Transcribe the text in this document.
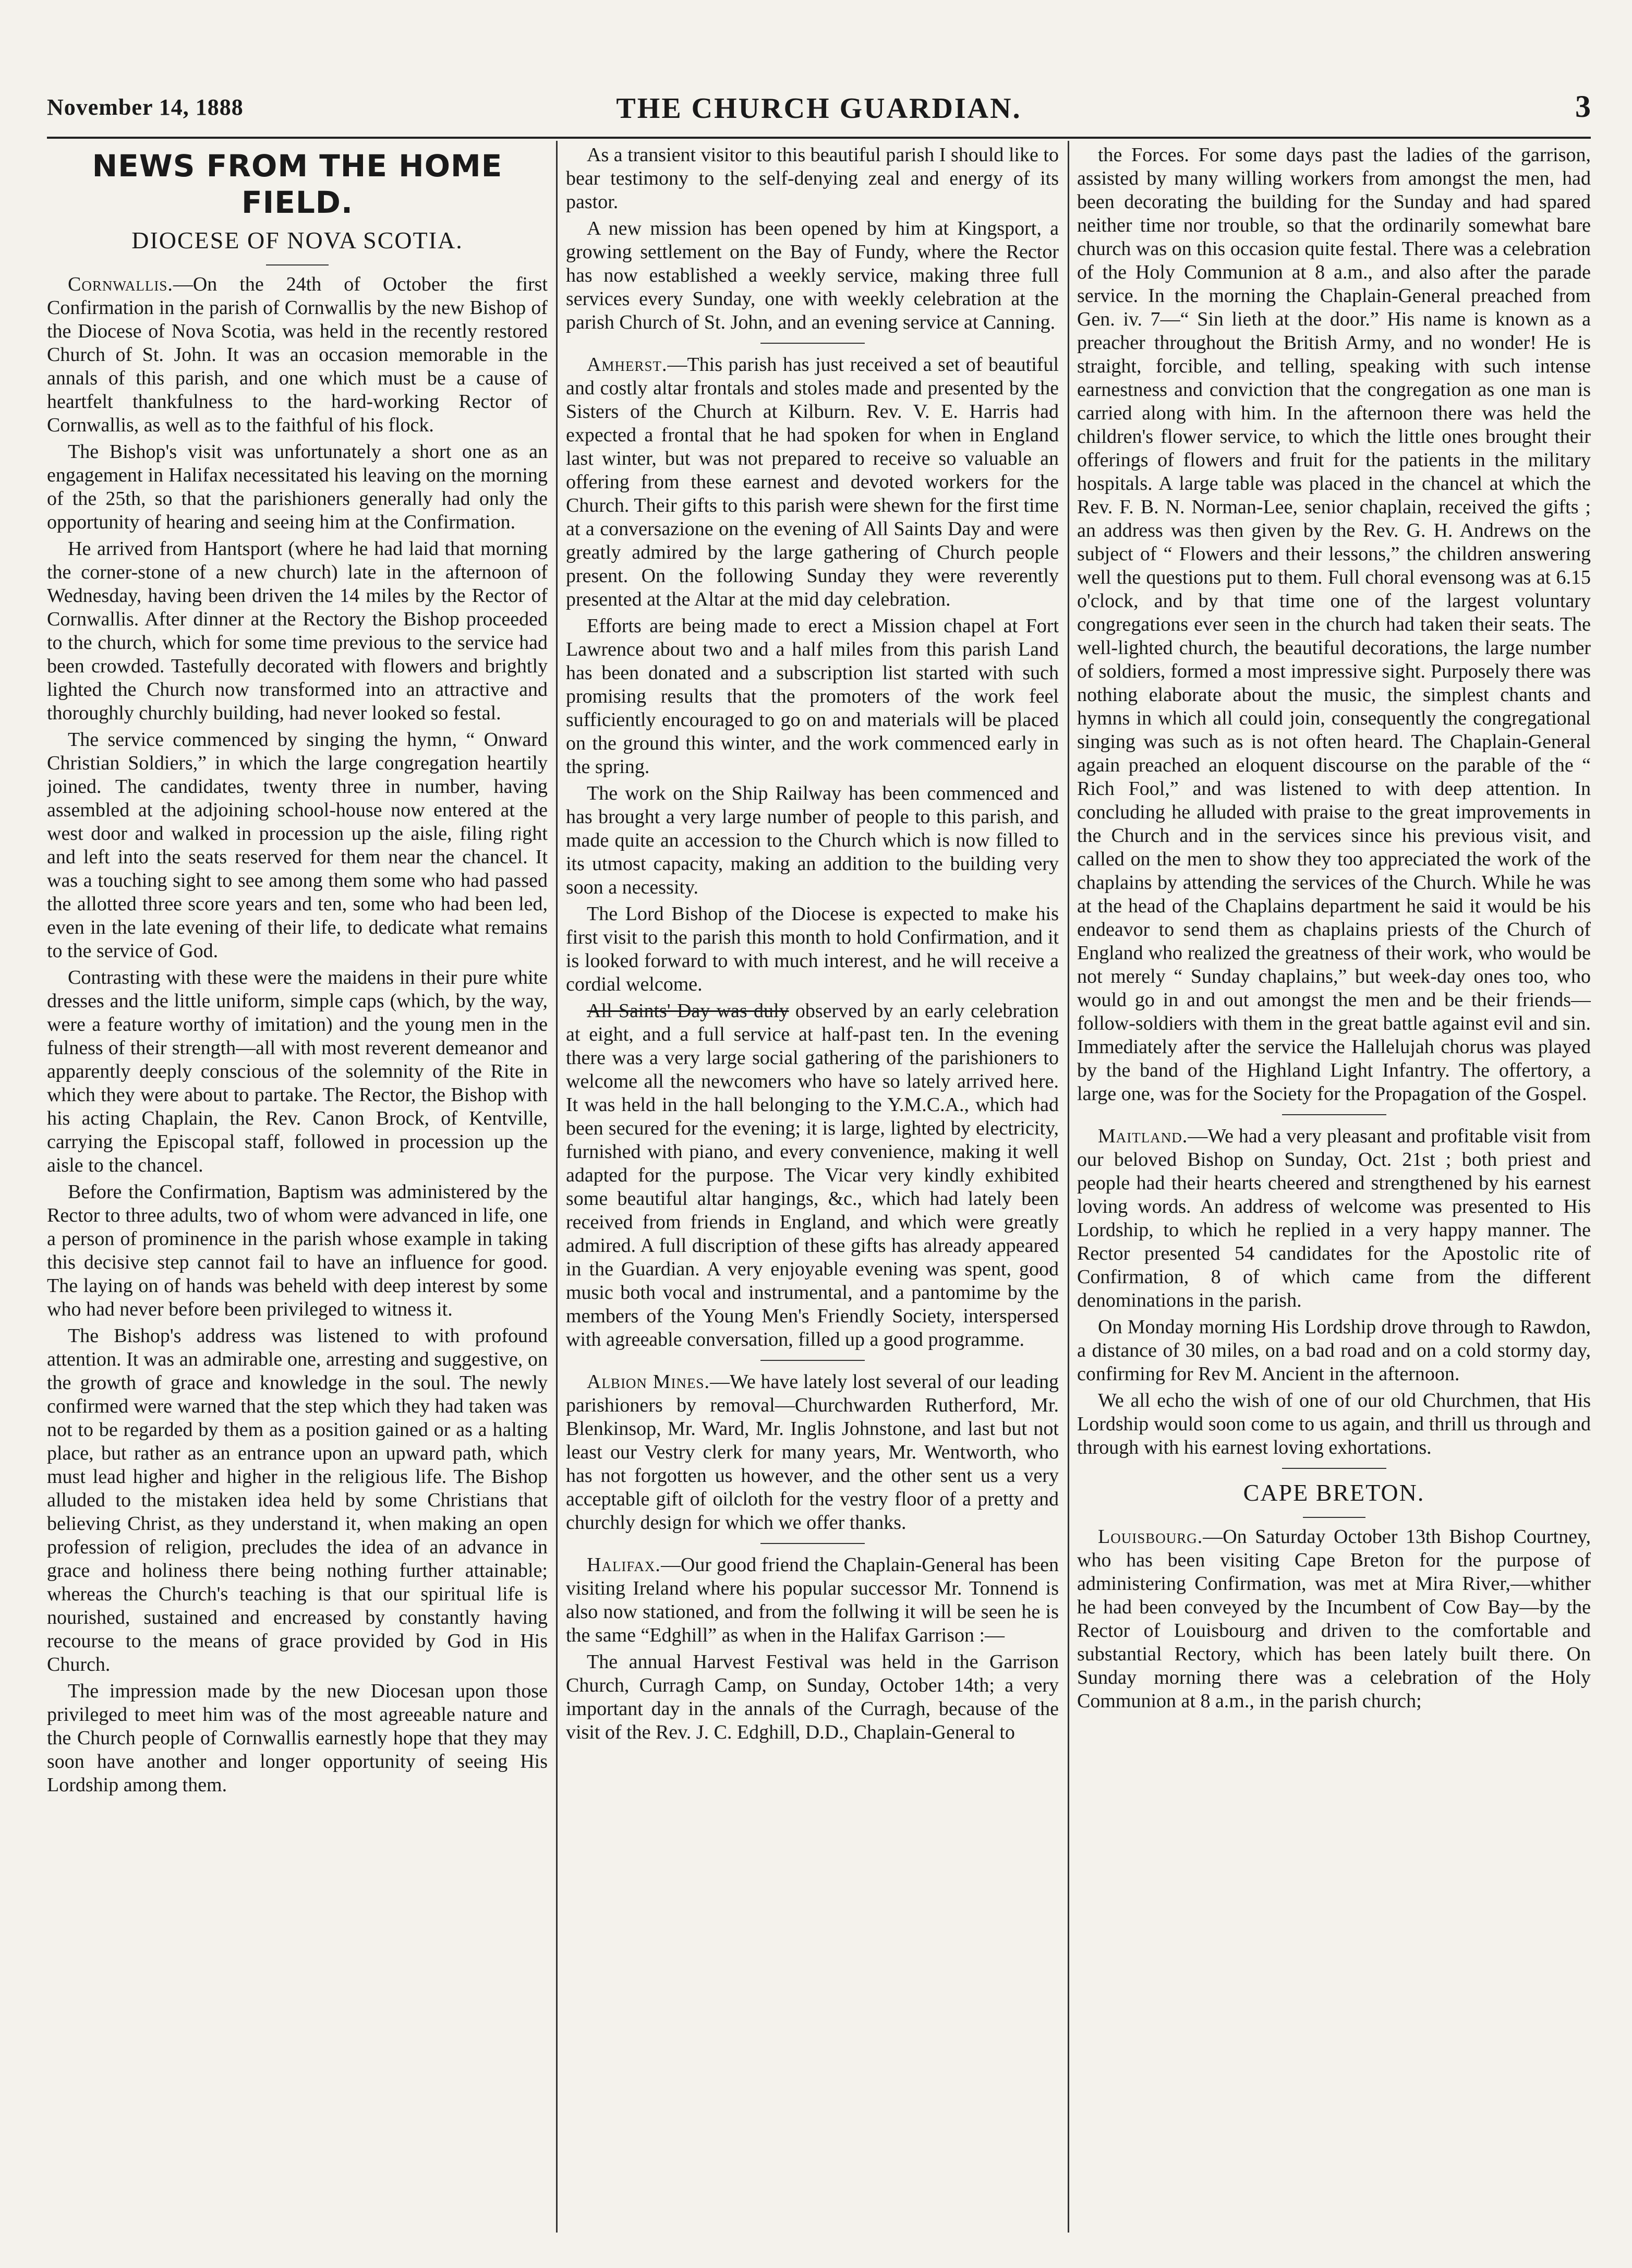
November 14, 1888	THE CHURCH GUARDIAN.	3
NEWS FROM THE HOME FIELD.
DIOCESE OF NOVA SCOTIA.

Cornwallis.—On the 24th of October the first Confirmation in the parish of Cornwallis by the new Bishop of the Diocese of Nova Scotia, was held in the recently restored Church of St. John. It was an occasion memorable in the annals of this parish, and one which must be a cause of heartfelt thankfulness to the hard-working Rector of Cornwallis, as well as to the faithful of his flock.

The Bishop's visit was unfortunately a short one as an engagement in Halifax necessitated his leaving on the morning of the 25th, so that the parishioners generally had only the opportunity of hearing and seeing him at the Confirmation.

He arrived from Hantsport (where he had laid that morning the corner-stone of a new church) late in the afternoon of Wednesday, having been driven the 14 miles by the Rector of Cornwallis. After dinner at the Rectory the Bishop proceeded to the church, which for some time previous to the service had been crowded. Tastefully decorated with flowers and brightly lighted the Church now transformed into an attractive and thoroughly churchly building, had never looked so festal.

The service commenced by singing the hymn, “ Onward Christian Soldiers,” in which the large congregation heartily joined. The candidates, twenty three in number, having assembled at the adjoining school-house now entered at the west door and walked in procession up the aisle, filing right and left into the seats reserved for them near the chancel. It was a touching sight to see among them some who had passed the allotted three score years and ten, some who had been led, even in the late evening of their life, to dedicate what remains to the service of God.

Contrasting with these were the maidens in their pure white dresses and the little uniform, simple caps (which, by the way, were a feature worthy of imitation) and the young men in the fulness of their strength—all with most reverent demeanor and apparently deeply conscious of the solemnity of the Rite in which they were about to partake. The Rector, the Bishop with his acting Chaplain, the Rev. Canon Brock, of Kentville, carrying the Episcopal staff, followed in procession up the aisle to the chancel.

Before the Confirmation, Baptism was administered by the Rector to three adults, two of whom were advanced in life, one a person of prominence in the parish whose example in taking this decisive step cannot fail to have an influence for good. The laying on of hands was beheld with deep interest by some who had never before been privileged to witness it.

The Bishop's address was listened to with profound attention. It was an admirable one, arresting and suggestive, on the growth of grace and knowledge in the soul. The newly confirmed were warned that the step which they had taken was not to be regarded by them as a position gained or as a halting place, but rather as an entrance upon an upward path, which must lead higher and higher in the religious life. The Bishop alluded to the mistaken idea held by some Christians that believing Christ, as they understand it, when making an open profession of religion, precludes the idea of an advance in grace and holiness there being nothing further attainable; whereas the Church's teaching is that our spiritual life is nourished, sustained and encreased by constantly having recourse to the means of grace provided by God in His Church.

The impression made by the new Diocesan upon those privileged to meet him was of the most agreeable nature and the Church people of Cornwallis earnestly hope that they may soon have another and longer opportunity of seeing His Lordship among them.

As a transient visitor to this beautiful parish I should like to bear testimony to the self-denying zeal and energy of its pastor.

A new mission has been opened by him at Kingsport, a growing settlement on the Bay of Fundy, where the Rector has now established a weekly service, making three full services every Sunday, one with weekly celebration at the parish Church of St. John, and an evening service at Canning.

Amherst.—This parish has just received a set of beautiful and costly altar frontals and stoles made and presented by the Sisters of the Church at Kilburn. Rev. V. E. Harris had expected a frontal that he had spoken for when in England last winter, but was not prepared to receive so valuable an offering from these earnest and devoted workers for the Church. Their gifts to this parish were shewn for the first time at a conversazione on the evening of All Saints Day and were greatly admired by the large gathering of Church people present. On the following Sunday they were reverently presented at the Altar at the mid day celebration.

Efforts are being made to erect a Mission chapel at Fort Lawrence about two and a half miles from this parish Land has been donated and a subscription list started with such promising results that the promoters of the work feel sufficiently encouraged to go on and materials will be placed on the ground this winter, and the work commenced early in the spring.

The work on the Ship Railway has been commenced and has brought a very large number of people to this parish, and made quite an accession to the Church which is now filled to its utmost capacity, making an addition to the building very soon a necessity.

The Lord Bishop of the Diocese is expected to make his first visit to the parish this month to hold Confirmation, and it is looked forward to with much interest, and he will receive a cordial welcome.

All Saints' Day was duly observed by an early celebration at eight, and a full service at half-past ten. In the evening there was a very large social gathering of the parishioners to welcome all the newcomers who have so lately arrived here. It was held in the hall belonging to the Y.M.C.A., which had been secured for the evening; it is large, lighted by electricity, furnished with piano, and every convenience, making it well adapted for the purpose. The Vicar very kindly exhibited some beautiful altar hangings, &c., which had lately been received from friends in England, and which were greatly admired. A full discription of these gifts has already appeared in the Guardian. A very enjoyable evening was spent, good music both vocal and instrumental, and a pantomime by the members of the Young Men's Friendly Society, interspersed with agreeable conversation, filled up a good programme.

Albion Mines.—We have lately lost several of our leading parishioners by removal—Churchwarden Rutherford, Mr. Blenkinsop, Mr. Ward, Mr. Inglis Johnstone, and last but not least our Vestry clerk for many years, Mr. Wentworth, who has not forgotten us however, and the other sent us a very acceptable gift of oilcloth for the vestry floor of a pretty and churchly design for which we offer thanks.

Halifax.—Our good friend the Chaplain-General has been visiting Ireland where his popular successor Mr. Tonnend is also now stationed, and from the follwing it will be seen he is the same “Edghill” as when in the Halifax Garrison :—

The annual Harvest Festival was held in the Garrison Church, Curragh Camp, on Sunday, October 14th; a very important day in the annals of the Curragh, because of the visit of the Rev. J. C. Edghill, D.D., Chaplain-General to

the Forces. For some days past the ladies of the garrison, assisted by many willing workers from amongst the men, had been decorating the building for the Sunday and had spared neither time nor trouble, so that the ordinarily somewhat bare church was on this occasion quite festal. There was a celebration of the Holy Communion at 8 a.m., and also after the parade service. In the morning the Chaplain-General preached from Gen. iv. 7—“ Sin lieth at the door.” His name is known as a preacher throughout the British Army, and no wonder! He is straight, forcible, and telling, speaking with such intense earnestness and conviction that the congregation as one man is carried along with him. In the afternoon there was held the children's flower service, to which the little ones brought their offerings of flowers and fruit for the patients in the military hospitals. A large table was placed in the chancel at which the Rev. F. B. N. Norman-Lee, senior chaplain, received the gifts ; an address was then given by the Rev. G. H. Andrews on the subject of “ Flowers and their lessons,” the children answering well the questions put to them. Full choral evensong was at 6.15 o'clock, and by that time one of the largest voluntary congregations ever seen in the church had taken their seats. The well-lighted church, the beautiful decorations, the large number of soldiers, formed a most impressive sight. Purposely there was nothing elaborate about the music, the simplest chants and hymns in which all could join, consequently the congregational singing was such as is not often heard. The Chaplain-General again preached an eloquent discourse on the parable of the “ Rich Fool,” and was listened to with deep attention. In concluding he alluded with praise to the great improvements in the Church and in the services since his previous visit, and called on the men to show they too appreciated the work of the chaplains by attending the services of the Church. While he was at the head of the Chaplains department he said it would be his endeavor to send them as chaplains priests of the Church of England who realized the greatness of their work, who would be not merely “ Sunday chaplains,” but week-day ones too, who would go in and out amongst the men and be their friends—follow-soldiers with them in the great battle against evil and sin. Immediately after the service the Hallelujah chorus was played by the band of the Highland Light Infantry. The offertory, a large one, was for the Society for the Propagation of the Gospel.

Maitland.—We had a very pleasant and profitable visit from our beloved Bishop on Sunday, Oct. 21st ; both priest and people had their hearts cheered and strengthened by his earnest loving words. An address of welcome was presented to His Lordship, to which he replied in a very happy manner. The Rector presented 54 candidates for the Apostolic rite of Confirmation, 8 of which came from the different denominations in the parish.

On Monday morning His Lordship drove through to Rawdon, a distance of 30 miles, on a bad road and on a cold stormy day, confirming for Rev M. Ancient in the afternoon.

We all echo the wish of one of our old Churchmen, that His Lordship would soon come to us again, and thrill us through and through with his earnest loving exhortations.

CAPE BRETON.

Louisbourg.—On Saturday October 13th Bishop Courtney, who has been visiting Cape Breton for the purpose of administering Confirmation, was met at Mira River,—whither he had been conveyed by the Incumbent of Cow Bay—by the Rector of Louisbourg and driven to the comfortable and substantial Rectory, which has been lately built there. On Sunday morning there was a celebration of the Holy Communion at 8 a.m., in the parish church;
